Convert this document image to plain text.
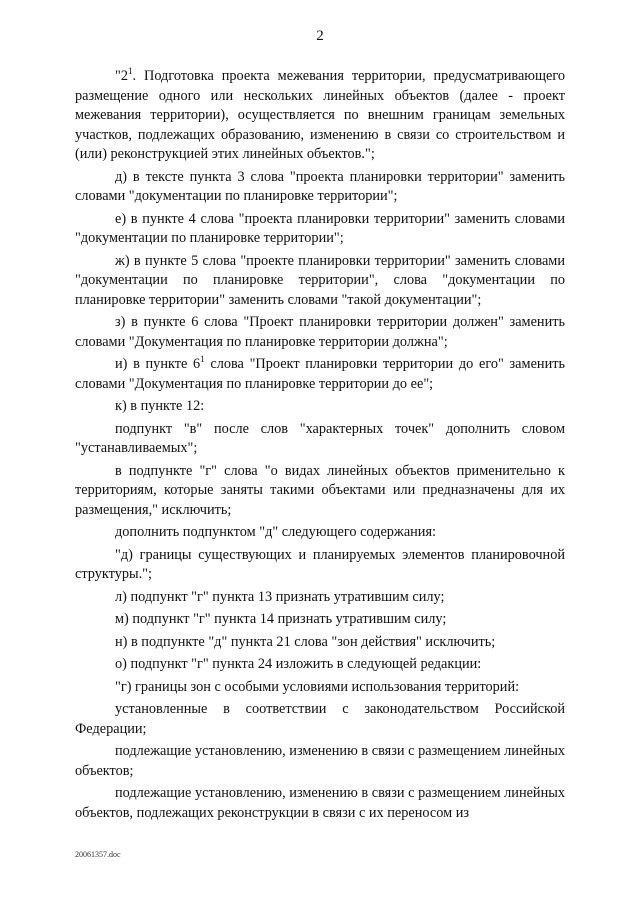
2

"$2^1$. Подготовка проекта межевания территории, предусматривающего размещение одного или нескольких линейных объектов (далее - проект межевания территории), осуществляется по внешним границам земельных участков, подлежащих образованию, изменению в связи со строительством и (или) реконструкцией этих линейных объектов.";

д) в тексте пункта 3 слова "проекта планировки территории" заменить словами "документации по планировке территории";

е) в пункте 4 слова "проекта планировки территории" заменить словами "документации по планировке территории";

ж) в пункте 5 слова "проекте планировки территории" заменить словами "документации по планировке территории", слова "документации по планировке территории" заменить словами "такой документации";

з) в пункте 6 слова "Проект планировки территории должен" заменить словами "Документация по планировке территории должна";

и) в пункте $6^1$ слова "Проект планировки территории до его" заменить словами "Документация по планировке территории до ее";

к) в пункте 12:

подпункт "в" после слов "характерных точек" дополнить словом "устанавливаемых";

в подпункте "г" слова "о видах линейных объектов применительно к территориям, которые заняты такими объектами или предназначены для их размещения," исключить;

дополнить подпунктом "д" следующего содержания:

"д) границы существующих и планируемых элементов планировочной структуры.";

л) подпункт "г" пункта 13 признать утратившим силу;

м) подпункт "г" пункта 14 признать утратившим силу;

н) в подпункте "д" пункта 21 слова "зон действия" исключить;

о) подпункт "г" пункта 24 изложить в следующей редакции:

"г) границы зон с особыми условиями использования территорий:

установленные в соответствии с законодательством Российской Федерации;

подлежащие установлению, изменению в связи с размещением линейных объектов;

подлежащие установлению, изменению в связи с размещением линейных объектов, подлежащих реконструкции в связи с их переносом из

20061357.doc
